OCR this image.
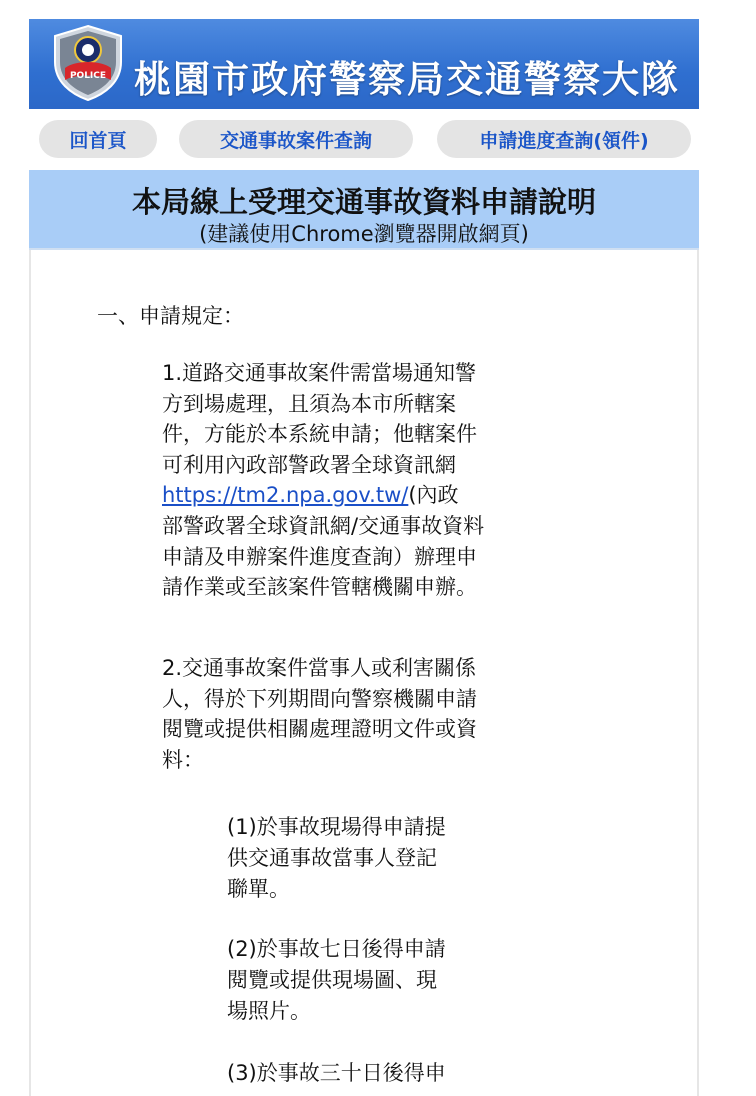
POLICE 桃園市政府警察局交通警察大隊
回首頁	交通事故案件查詢	申請進度查詢(領件)
本局線上受理交通事故資料申請說明
(建議使用Chrome瀏覽器開啟網頁)
一、申請規定：
1.道路交通事故案件需當場通知警
方到場處理，且須為本市所轄案
件，方能於本系統申請；他轄案件
可利用內政部警政署全球資訊網
https://tm2.npa.gov.tw/(內政
部警政署全球資訊網/交通事故資料
申請及申辦案件進度查詢）辦理申
請作業或至該案件管轄機關申辦。
2.交通事故案件當事人或利害關係
人，得於下列期間向警察機關申請
閱覽或提供相關處理證明文件或資
料：
(1)於事故現場得申請提
供交通事故當事人登記
聯單。
(2)於事故七日後得申請
閱覽或提供現場圖、現
場照片。
(3)於事故三十日後得申
